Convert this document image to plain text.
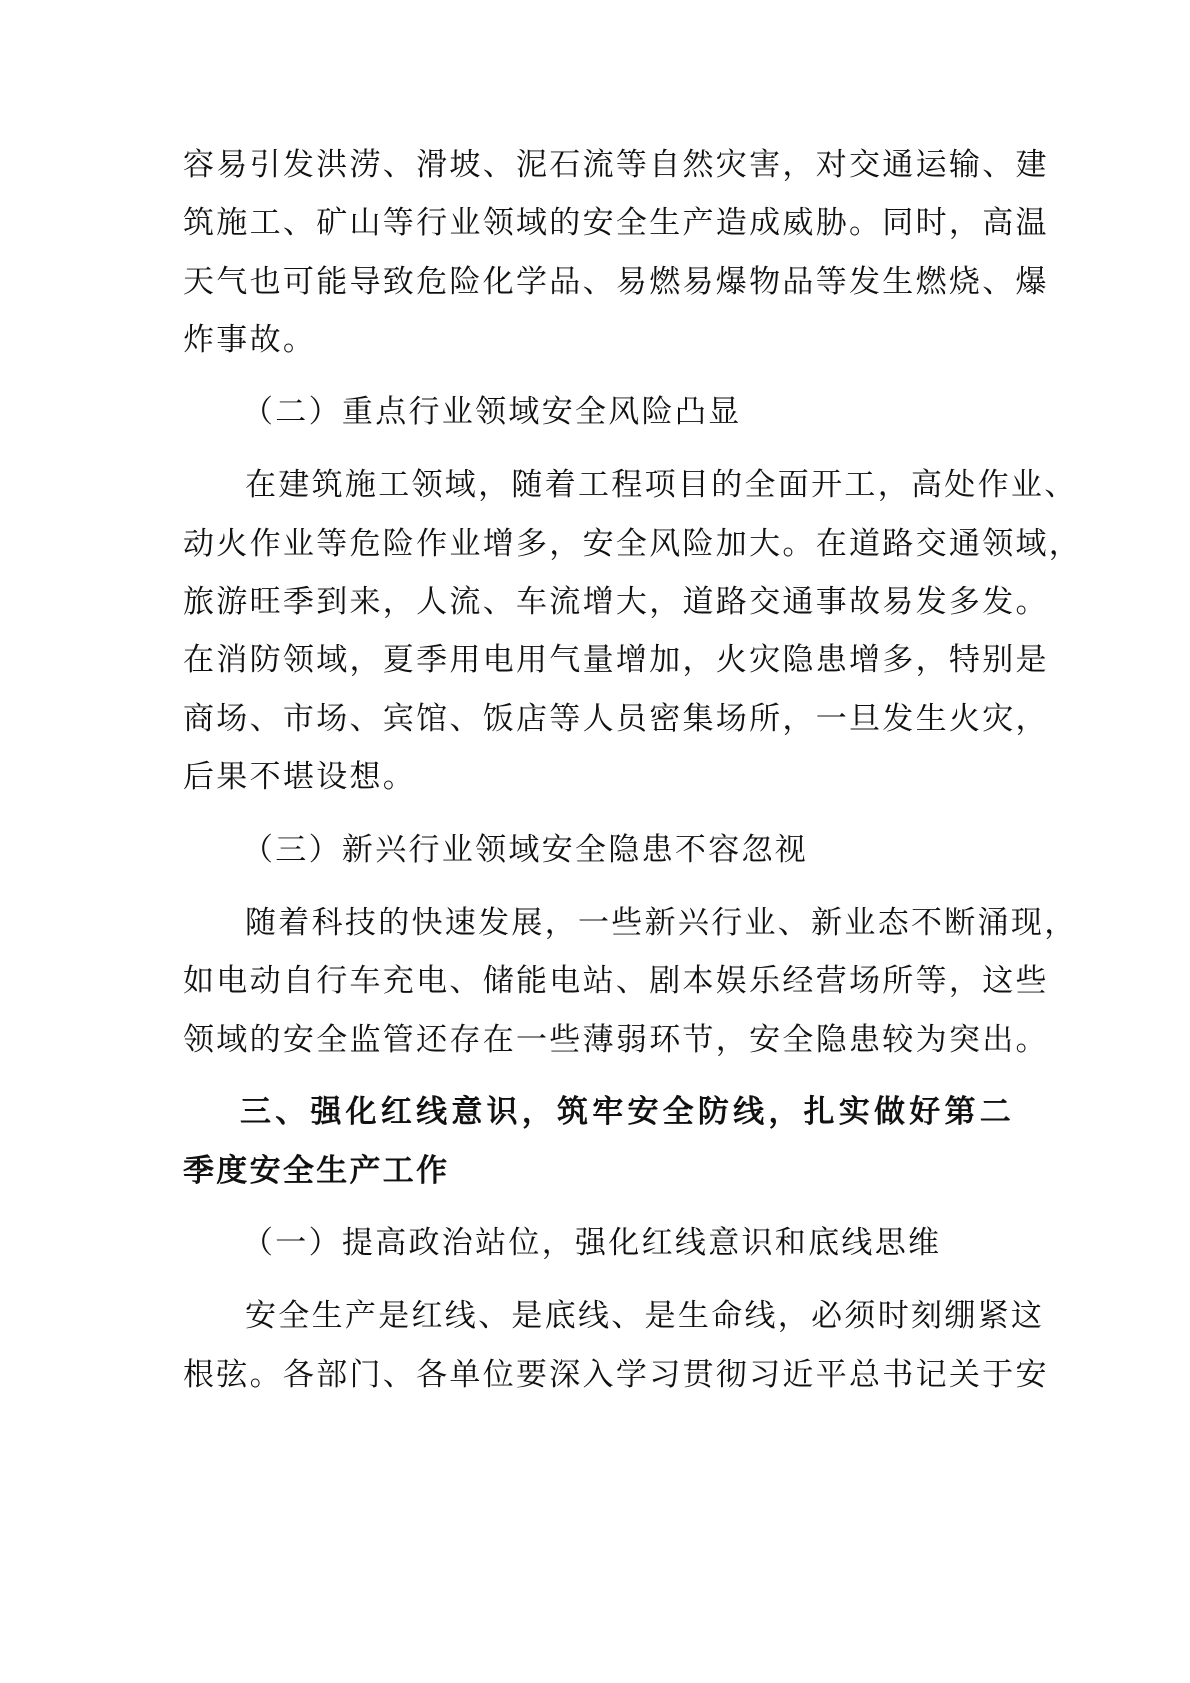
容易引发洪涝、滑坡、泥石流等自然灾害，对交通运输、建
筑施工、矿山等行业领域的安全生产造成威胁。同时，高温
天气也可能导致危险化学品、易燃易爆物品等发生燃烧、爆
炸事故。
（二）重点行业领域安全风险凸显
在建筑施工领域，随着工程项目的全面开工，高处作业、
动火作业等危险作业增多，安全风险加大。在道路交通领域，
旅游旺季到来，人流、车流增大，道路交通事故易发多发。
在消防领域，夏季用电用气量增加，火灾隐患增多，特别是
商场、市场、宾馆、饭店等人员密集场所，一旦发生火灾，
后果不堪设想。
（三）新兴行业领域安全隐患不容忽视
随着科技的快速发展，一些新兴行业、新业态不断涌现，
如电动自行车充电、储能电站、剧本娱乐经营场所等，这些
领域的安全监管还存在一些薄弱环节，安全隐患较为突出。
三、强化红线意识，筑牢安全防线，扎实做好第二
季度安全生产工作
（一）提高政治站位，强化红线意识和底线思维
安全生产是红线、是底线、是生命线，必须时刻绷紧这
根弦。各部门、各单位要深入学习贯彻习近平总书记关于安
